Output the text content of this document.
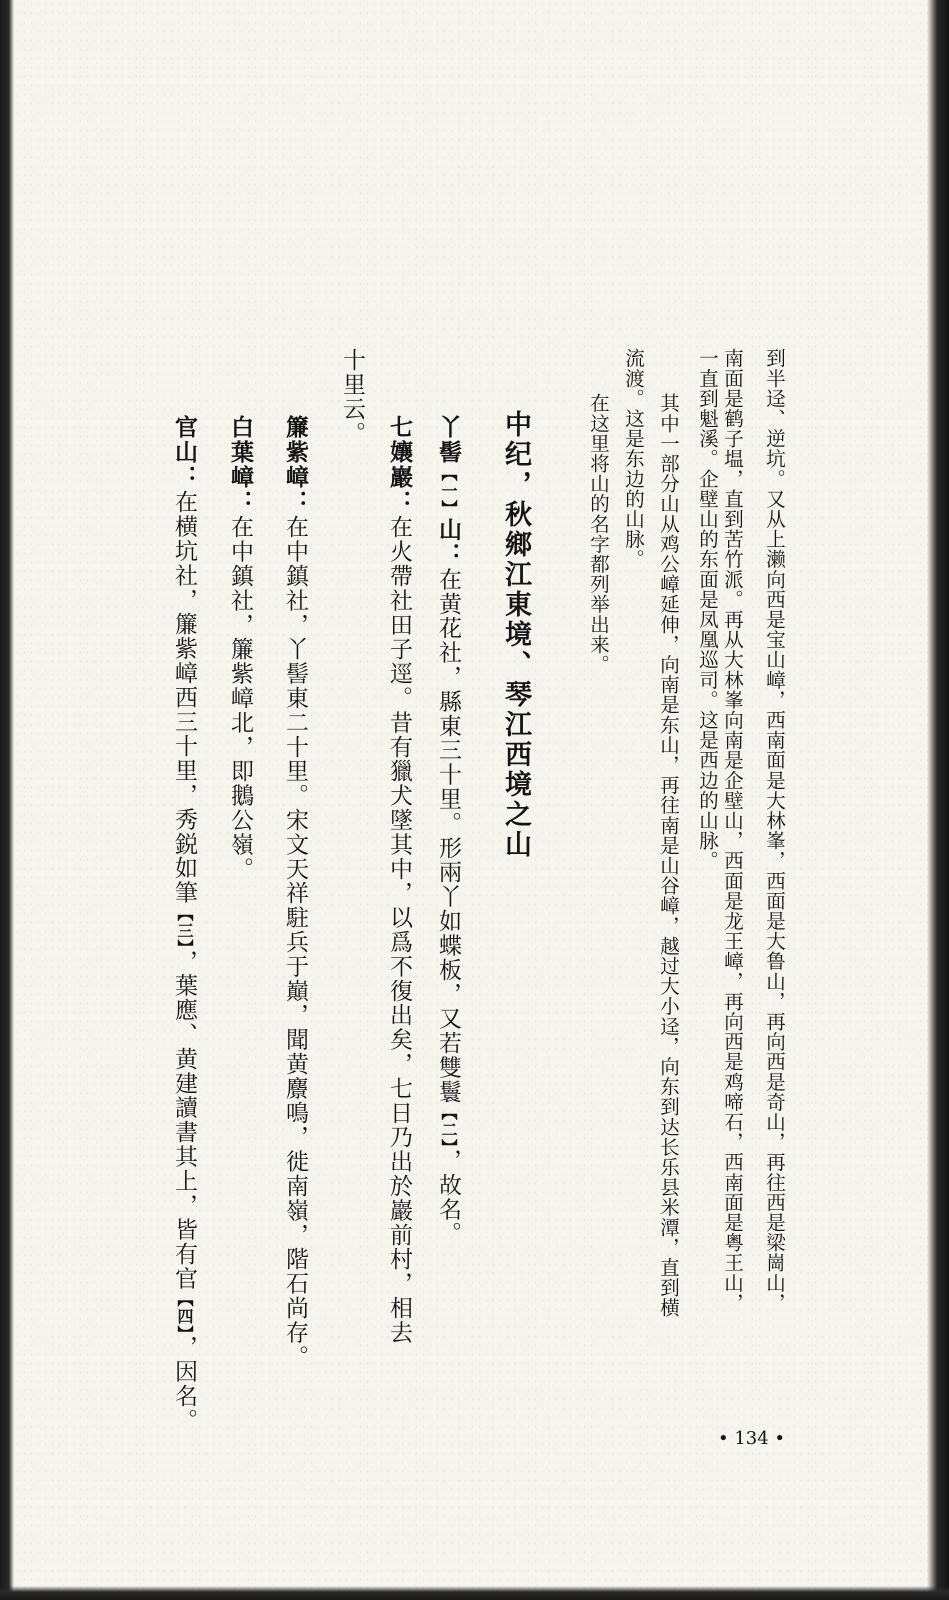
到半迳、逆坑。又从上濑向西是宝山嶂，西南面是大林峯，西面是大鲁山，再向西是奇山，再往西是梁崗山，
南面是鹤子塭，直到苦竹派。再从大林峯向南是企壁山，西面是龙王嶂，再向西是鸡啼石，西南面是粤王山，
一直到魁溪。企壁山的东面是凤凰巡司。这是西边的山脉。
其中一部分山从鸡公嶂延伸，向南是东山，再往南是山谷嶂，越过大小迳，向东到达长乐县米潭，直到横
流渡。这是东边的山脉。
在这里将山的名字都列举出来。
中纪，秋鄉江東境、琴江西境之山
丫髻【一】山：在黄花社，縣東三十里。形兩丫如蝶板，又若雙鬟【二】，故名。
七孃巖：在火帶社田子逕。昔有獵犬墜其中，以爲不復出矣，七日乃出於巖前村，相去
十里云。
簾紫嶂：在中鎮社，丫髻東二十里。宋文天祥駐兵于巔，聞黄麖鳴，徙南嶺，階石尚存。
白葉嶂：在中鎮社，簾紫嶂北，即鵝公嶺。
官山：在横坑社，簾紫嶂西三十里，秀鋭如筆【三】，葉應、黄建讀書其上，皆有官【四】，因名。
• 134 •
